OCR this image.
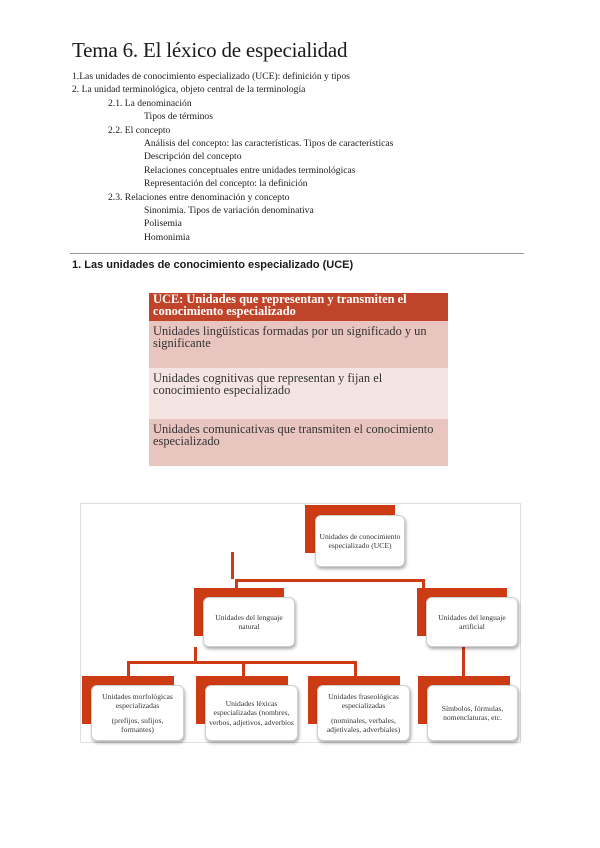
Tema 6. El léxico de especialidad
1.Las unidades de conocimiento especializado (UCE): definición y tipos
2. La unidad terminológica, objeto central de la terminología
2.1. La denominación
Tipos de términos
2.2. El concepto
Análisis del concepto: las características. Tipos de características
Descripción del concepto
Relaciones conceptuales entre unidades terminológicas
Representación del concepto: la definición
2.3. Relaciones entre denominación y concepto
Sinonimia. Tipos de variación denominativa
Polisemia
Homonimia
1. Las unidades de conocimiento especializado (UCE)
UCE: Unidades que representan y transmiten el conocimiento especializado
Unidades lingüísticas formadas por un significado y un significante
Unidades cognitivas que representan y fijan el conocimiento especializado
Unidades comunicativas que transmiten el conocimiento especializado
Unidades de conocimiento especializado (UCE)
Unidades del lenguaje natural
Unidades del lenguaje artificial
Unidades morfológicas especializadas
(prefijos, sufijos, formantes)
Unidades léxicas especializadas (nombres, verbos, adjetivos, adverbios
Unidades fraseológicas especializadas
(nominales, verbales, adjetivales, adverbiales)
Símbolos, fórmulas, nomenclaturas, etc.
